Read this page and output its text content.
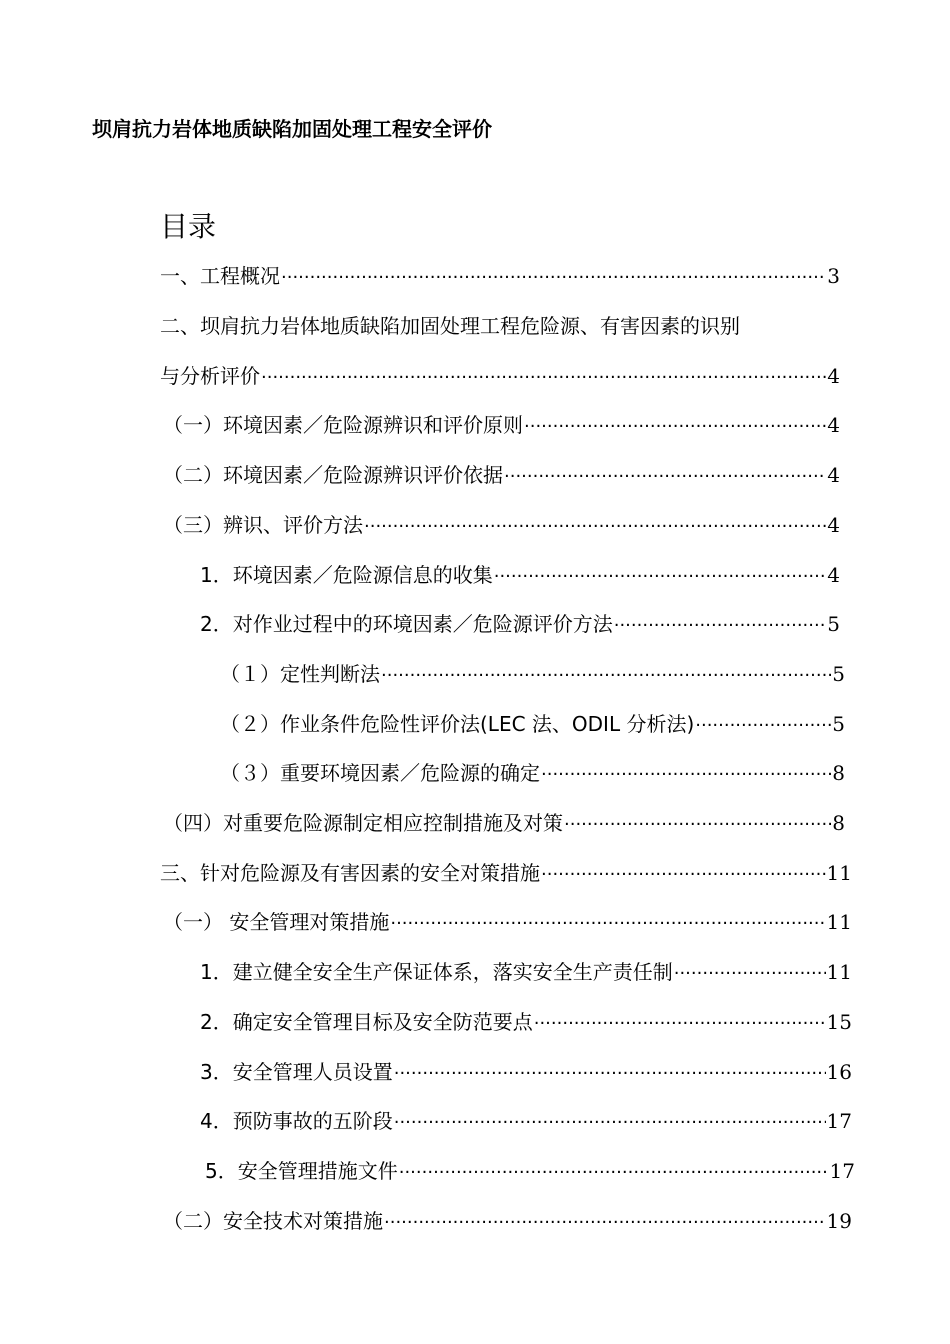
坝肩抗力岩体地质缺陷加固处理工程安全评价
目录
一、工程概况 ·····	3
二、坝肩抗力岩体地质缺陷加固处理工程危险源、有害因素的识别
与分析评价 ·····	4
（一）环境因素／危险源辨识和评价原则 ·····	4
（二）环境因素／危险源辨识评价依据 ·····	4
（三）辨识、评价方法 ·····	4
1．环境因素／危险源信息的收集 ·····	4
2．对作业过程中的环境因素／危险源评价方法 ·····	5
（１）定性判断法 ·····	5
（２）作业条件危险性评价法(LEC 法、ODIL 分析法) ·····	5
（３）重要环境因素／危险源的确定 ·····	8
（四）对重要危险源制定相应控制措施及对策 ·····	8
三、针对危险源及有害因素的安全对策措施 ·····	11
（一） 安全管理对策措施 ·····	11
1．建立健全安全生产保证体系，落实安全生产责任制 ·····	11
2．确定安全管理目标及安全防范要点 ·····	15
3．安全管理人员设置 ·····	16
4．预防事故的五阶段 ·····	17
5．安全管理措施文件 ·····	17
（二）安全技术对策措施 ·····	19
